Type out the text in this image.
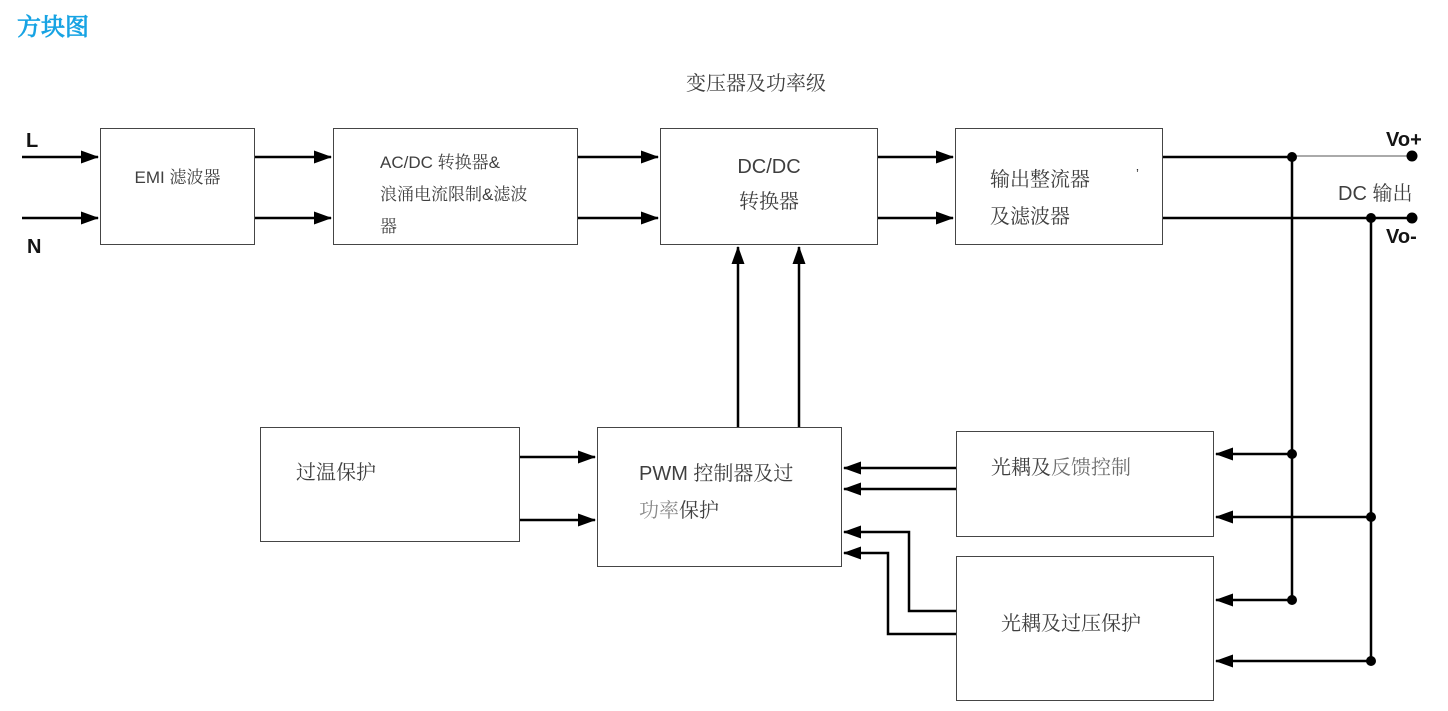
方块图
变压器及功率级
L
N
Vo+
DC 输出
Vo-
EMI 滤波器
AC/DC 转换器&
浪涌电流限制&滤波
器
DC/DC
转换器
输出整流器
及滤波器
’
过温保护	PWM 控制器及过
功率保护
光耦及反馈控制
光耦及过压保护
